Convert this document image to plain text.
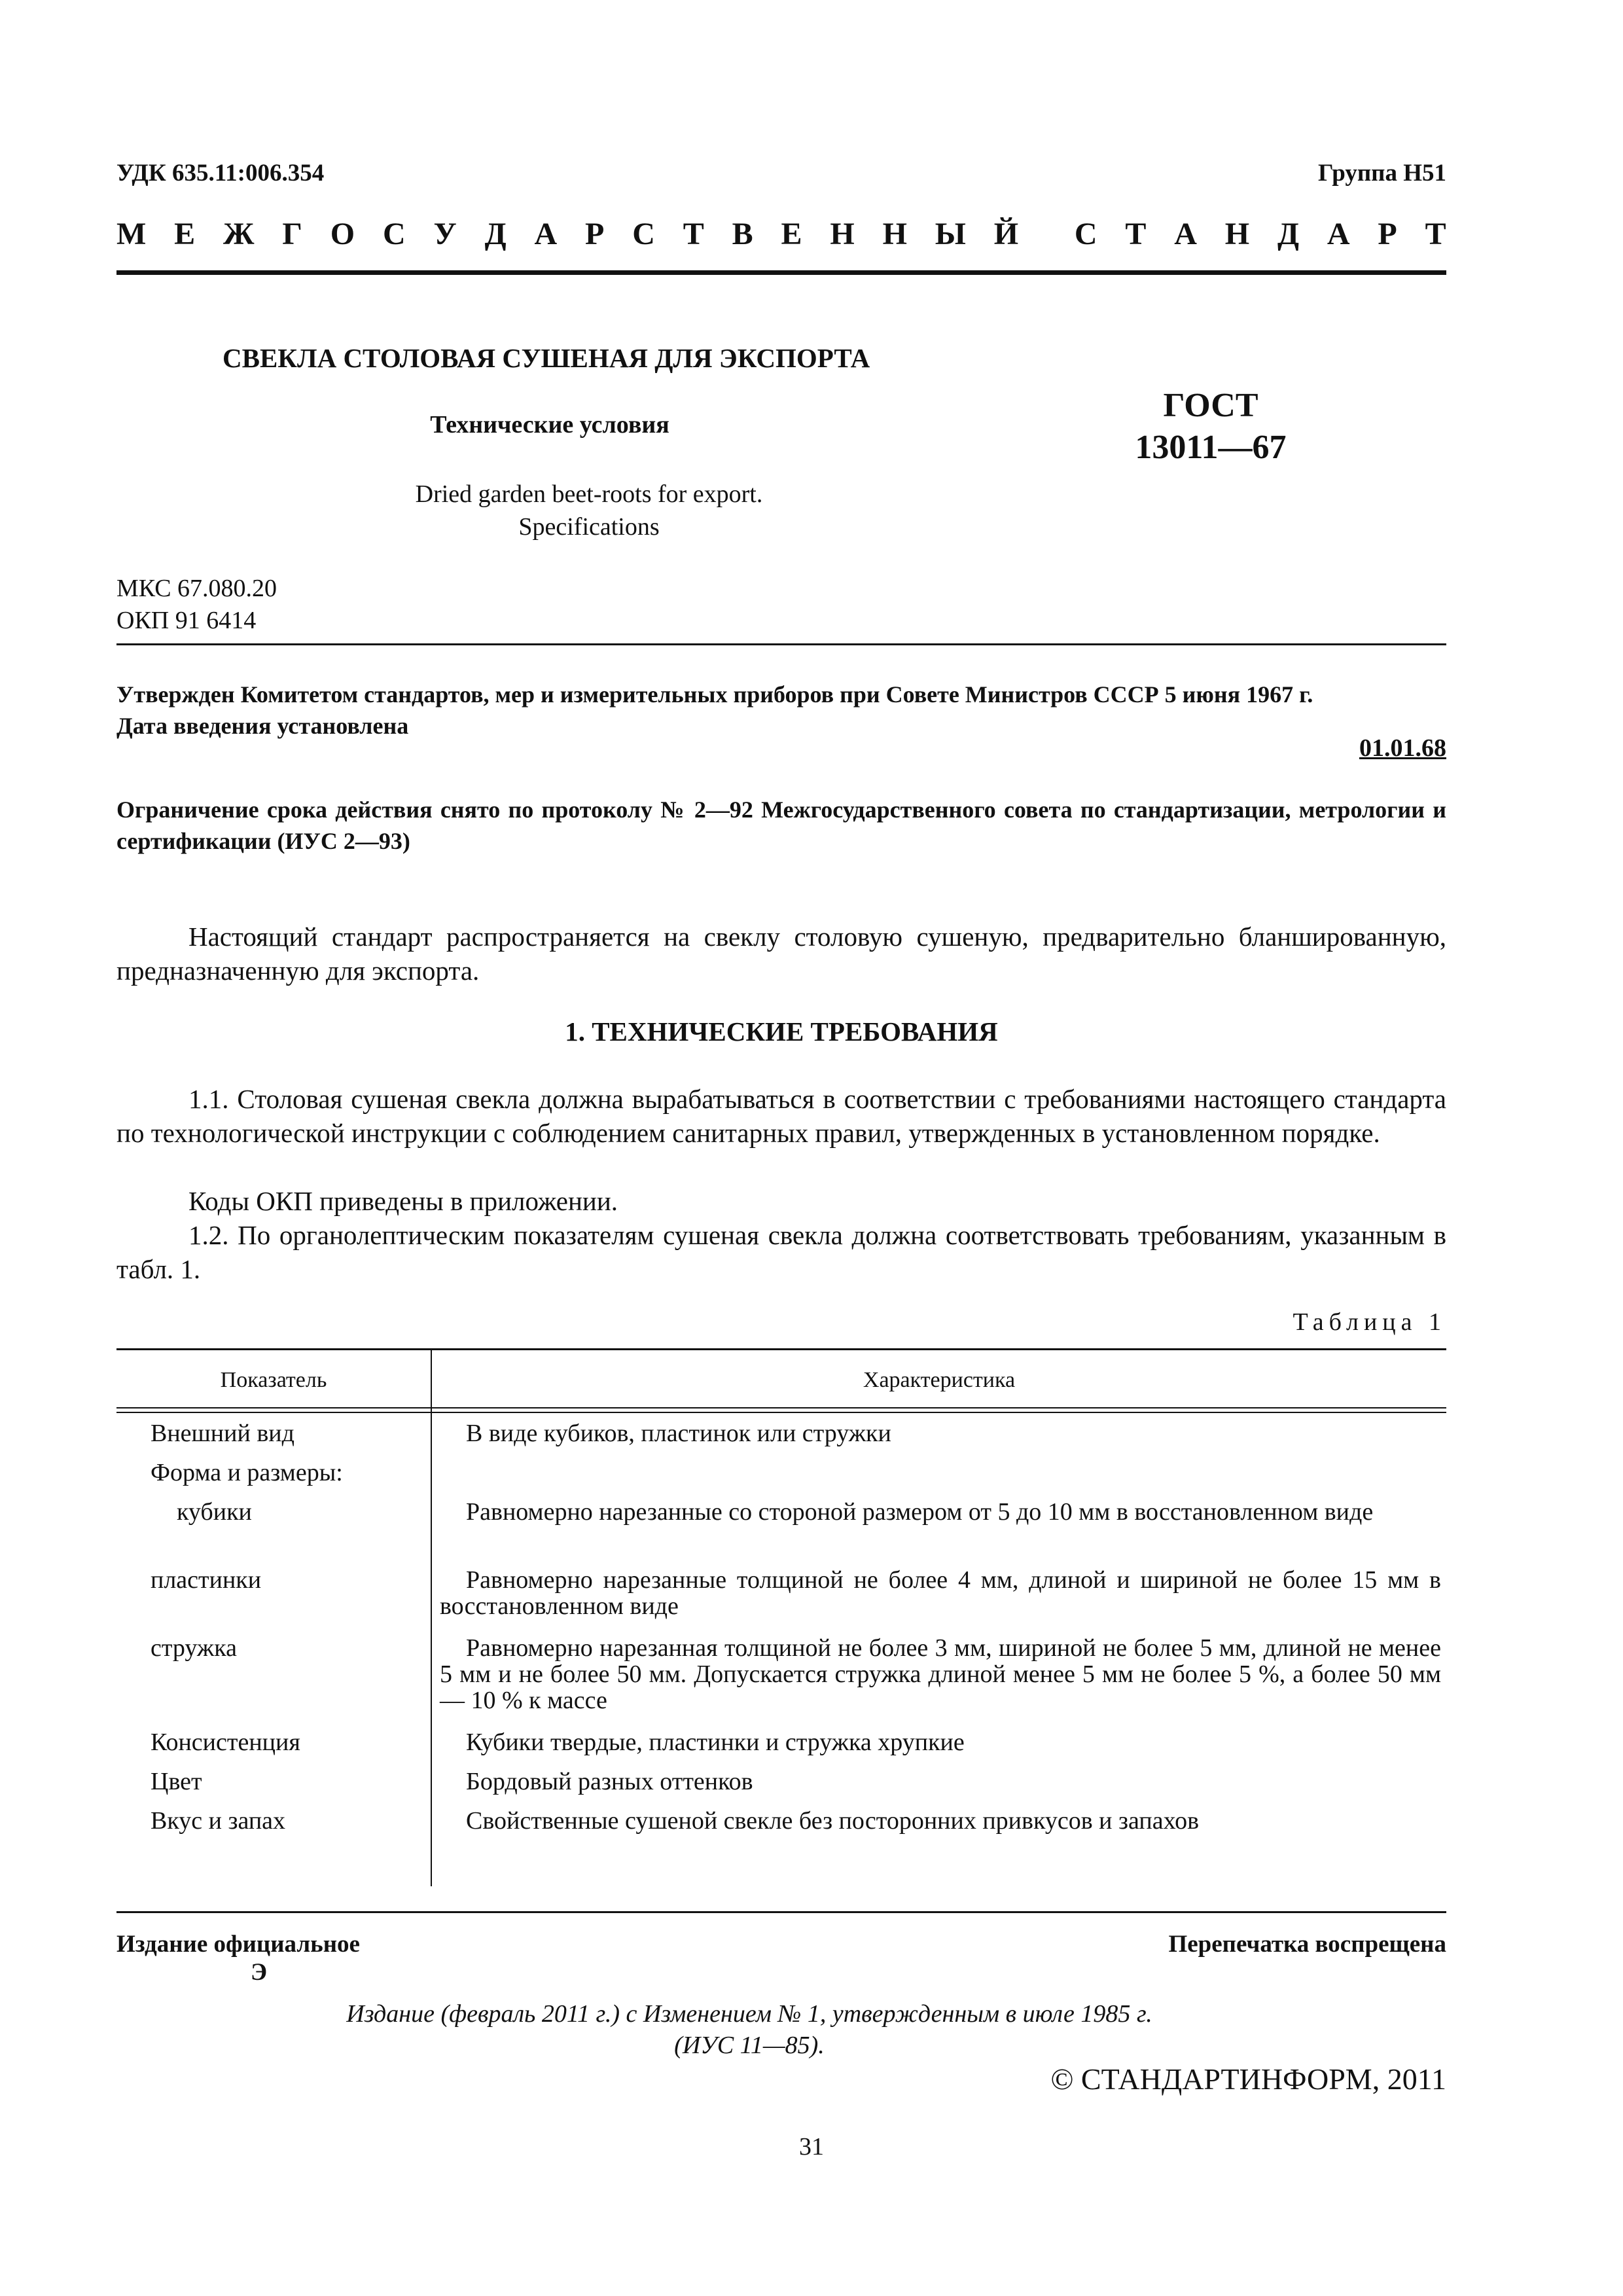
УДК 635.11:006.354	Группа Н51
М Е Ж Г О С У Д А Р С Т В Е Н Н Ы Й С Т А Н Д А Р Т
СВЕКЛА СТОЛОВАЯ СУШЕНАЯ ДЛЯ ЭКСПОРТА
Технические условия
ГОСТ
13011—67
Dried garden beet-roots for export.
Specifications
МКС 67.080.20
ОКП 91 6414
Утвержден Комитетом стандартов, мер и измерительных приборов при Совете Министров СССР 5 июня 1967 г.
Дата введения установлена
01.01.68
Ограничение срока действия снято по протоколу № 2—92 Межгосударственного совета по стандартизации, метрологии и сертификации (ИУС 2—93)
Настоящий стандарт распространяется на свеклу столовую сушеную, предварительно бланшированную, предназначенную для экспорта.
1. ТЕХНИЧЕСКИЕ ТРЕБОВАНИЯ
1.1. Столовая сушеная свекла должна вырабатываться в соответствии с требованиями настоящего стандарта по технологической инструкции с соблюдением санитарных правил, утвержденных в установленном порядке.
Коды ОКП приведены в приложении.
1.2. По органолептическим показателям сушеная свекла должна соответствовать требованиям, указанным в табл. 1.
Таблица 1
Показатель	Характеристика
Внешний вид	В виде кубиков, пластинок или стружки
Форма и размеры:
кубики	Равномерно нарезанные со стороной размером от 5 до 10 мм в восстановленном виде
пластинки	Равномерно нарезанные толщиной не более 4 мм, длиной и шириной не более 15 мм в восстановленном виде
стружка	Равномерно нарезанная толщиной не более 3 мм, шириной не более 5 мм, длиной не менее 5 мм и не более 50 мм. Допускается стружка длиной менее 5 мм не более 5 %, а более 50 мм — 10 % к массе
Консистенция	Кубики твердые, пластинки и стружка хрупкие
Цвет	Бордовый разных оттенков
Вкус и запах	Свойственные сушеной свекле без посторонних привкусов и запахов
Издание официальное
Э
Перепечатка воспрещена
Издание (февраль 2011 г.) с Изменением № 1, утвержденным в июле 1985 г.
(ИУС 11—85).
© СТАНДАРТИНФОРМ, 2011
31
